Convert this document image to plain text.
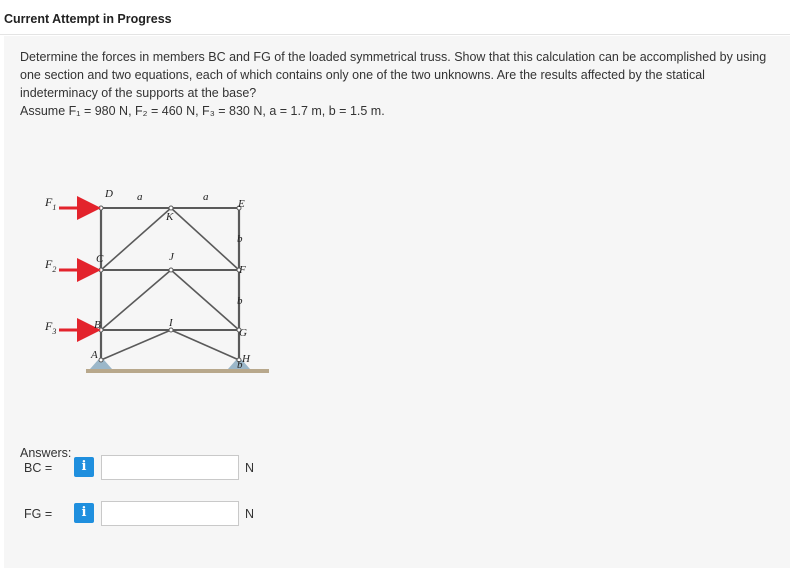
Current Attempt in Progress
Determine the forces in members BC and FG of the loaded symmetrical truss. Show that this calculation can be accomplished by using
one section and two equations, each of which contains only one of the two unknowns. Are the results affected by the statical
indeterminacy of the supports at the base?
Assume F₁ = 980 N, F₂ = 460 N, F₃ = 830 N, a = 1.7 m, b = 1.5 m.
$F_1$
$F_2$
$F_3$
D
K
E
C	J
F
B	I
G
A	H
a	a
b
b
b
Answers:
BC =	i	N
FG =	i	N
